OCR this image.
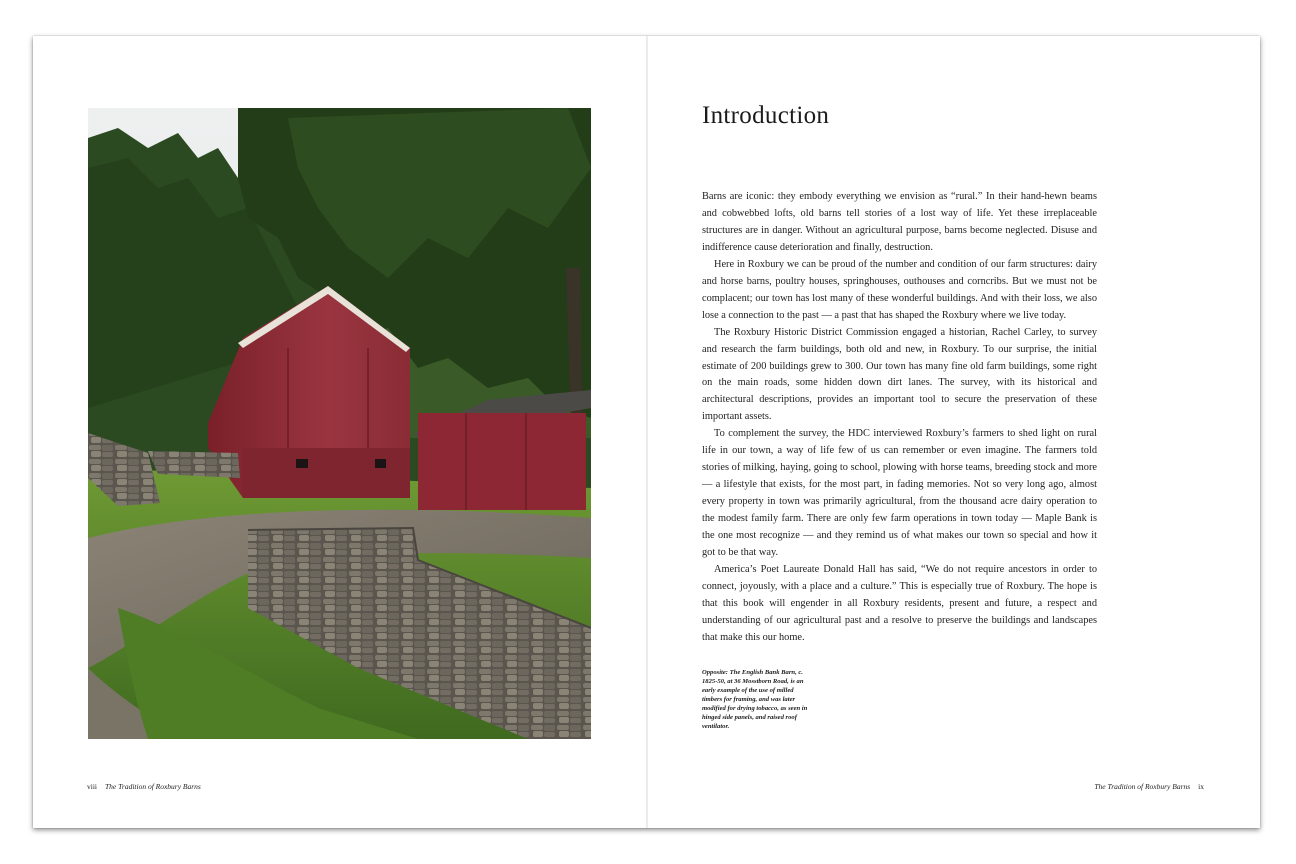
Introduction

Barns are iconic: they embody everything we envision as “rural.” In their hand-hewn beams and cobwebbed lofts, old barns tell stories of a lost way of life. Yet these irreplaceable structures are in danger. Without an agricultural purpose, barns become neglected. Disuse and indifference cause deterioration and finally, destruction.

Here in Roxbury we can be proud of the number and condition of our farm structures: dairy and horse barns, poultry houses, springhouses, outhouses and corncribs. But we must not be complacent; our town has lost many of these wonderful buildings. And with their loss, we also lose a connection to the past — a past that has shaped the Roxbury where we live today.

The Roxbury Historic District Commission engaged a historian, Rachel Carley, to survey and research the farm buildings, both old and new, in Roxbury. To our surprise, the initial estimate of 200 buildings grew to 300. Our town has many fine old farm buildings, some right on the main roads, some hidden down dirt lanes. The survey, with its historical and architectural descriptions, provides an important tool to secure the preservation of these important assets.

To complement the survey, the HDC interviewed Roxbury’s farmers to shed light on rural life in our town, a way of life few of us can remember or even imagine. The farmers told stories of milking, haying, going to school, plowing with horse teams, breeding stock and more — a lifestyle that exists, for the most part, in fading memories. Not so very long ago, almost every property in town was primarily agricultural, from the thousand acre dairy operation to the modest family farm. There are only few farm operations in town today — Maple Bank is the one most recognize — and they remind us of what makes our town so special and how it got to be that way.

America’s Poet Laureate Donald Hall has said, “We do not require ancestors in order to connect, joyously, with a place and a culture.” This is especially true of Roxbury. The hope is that this book will engender in all Roxbury residents, present and future, a respect and understanding of our agricultural past and a resolve to preserve the buildings and landscapes that make this our home.

Opposite: The English Bank Barn, c. 1825-50, at 36 Mosstborn Road, is an early example of the use of milled timbers for framing, and was later modified for drying tobacco, as seen in hinged side panels, and raised roof ventilator.
viii The Tradition of Roxbury Barns	The Tradition of Roxbury Barns ix
